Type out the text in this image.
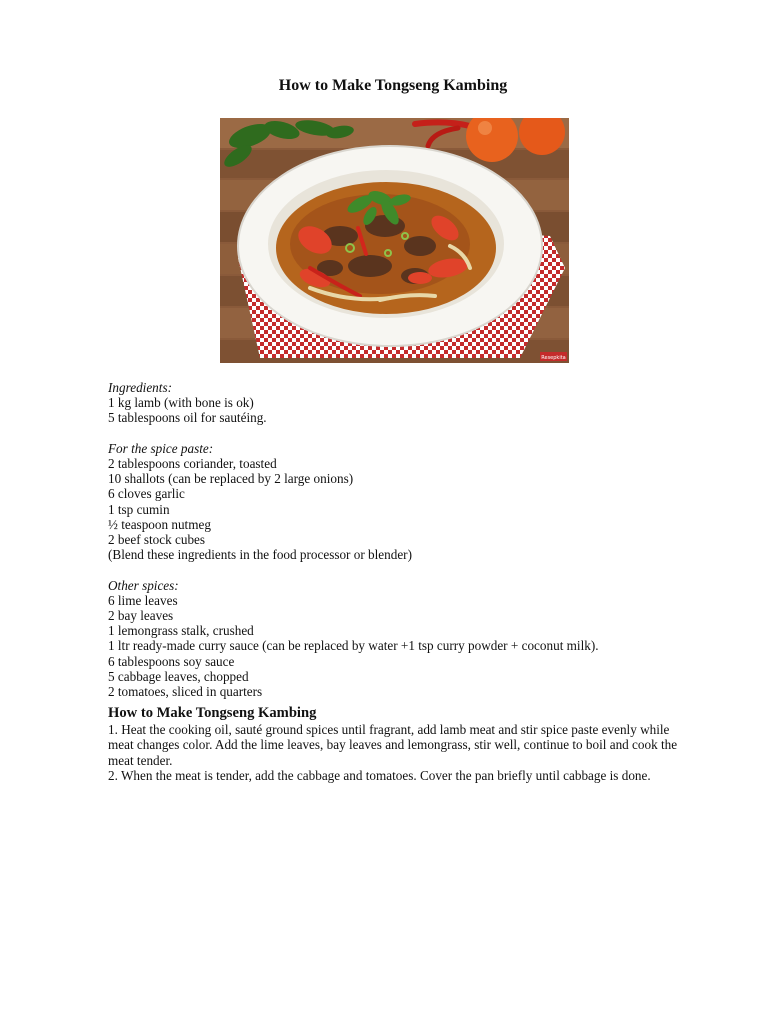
How to Make Tongseng Kambing
Resepkita
Ingredients:
1 kg lamb (with bone is ok)
5 tablespoons oil for sautéing.
For the spice paste:
2 tablespoons coriander, toasted
10 shallots (can be replaced by 2 large onions)
6 cloves garlic
1 tsp cumin
½ teaspoon nutmeg
2 beef stock cubes
(Blend these ingredients in the food processor or blender)
Other spices:
6 lime leaves
2 bay leaves
1 lemongrass stalk, crushed
1 ltr ready-made curry sauce (can be replaced by water +1 tsp curry powder + coconut milk).
6 tablespoons soy sauce
5 cabbage leaves, chopped
2 tomatoes, sliced in quarters
How to Make Tongseng Kambing
1. Heat the cooking oil, sauté ground spices until fragrant, add lamb meat and stir spice paste evenly while meat changes color. Add the lime leaves, bay leaves and lemongrass, stir well, continue to boil and cook the meat tender.
2. When the meat is tender, add the cabbage and tomatoes. Cover the pan briefly until cabbage is done.
